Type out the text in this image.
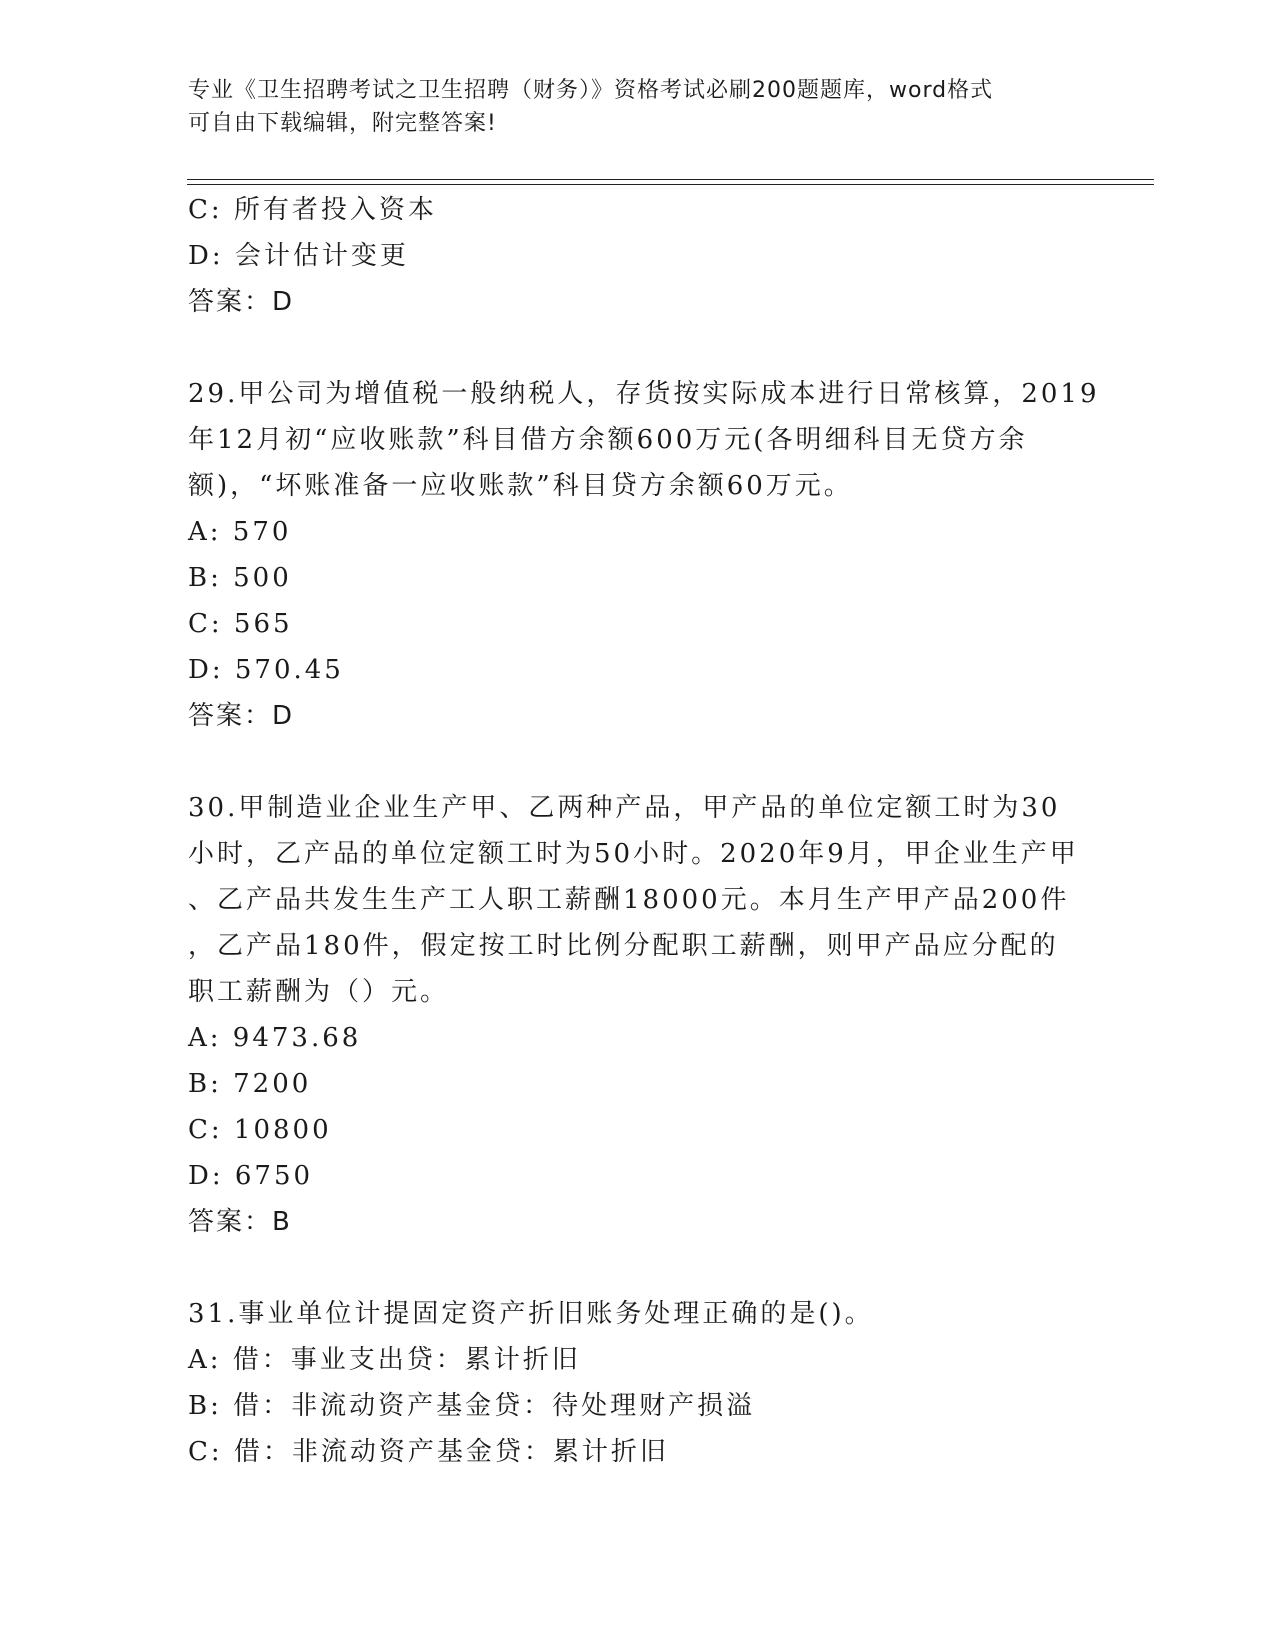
专业《卫生招聘考试之卫生招聘（财务）》资格考试必刷200题题库，word格式
可自由下载编辑，附完整答案!
C: 所有者投入资本
D: 会计估计变更
答案：D
29.甲公司为增值税一般纳税人，存货按实际成本进行日常核算，2019
年12月初“应收账款”科目借方余额600万元(各明细科目无贷方余
额)，“坏账准备一应收账款”科目贷方余额60万元。
A: 570
B: 500
C: 565
D: 570.45
答案：D
30.甲制造业企业生产甲、乙两种产品，甲产品的单位定额工时为30
小时，乙产品的单位定额工时为50小时。2020年9月，甲企业生产甲
、乙产品共发生生产工人职工薪酬18000元。本月生产甲产品200件
，乙产品180件，假定按工时比例分配职工薪酬，则甲产品应分配的
职工薪酬为（）元。
A: 9473.68
B: 7200
C: 10800
D: 6750
答案：B
31.事业单位计提固定资产折旧账务处理正确的是()。
A: 借：事业支出贷：累计折旧
B: 借：非流动资产基金贷：待处理财产损溢
C: 借：非流动资产基金贷：累计折旧
